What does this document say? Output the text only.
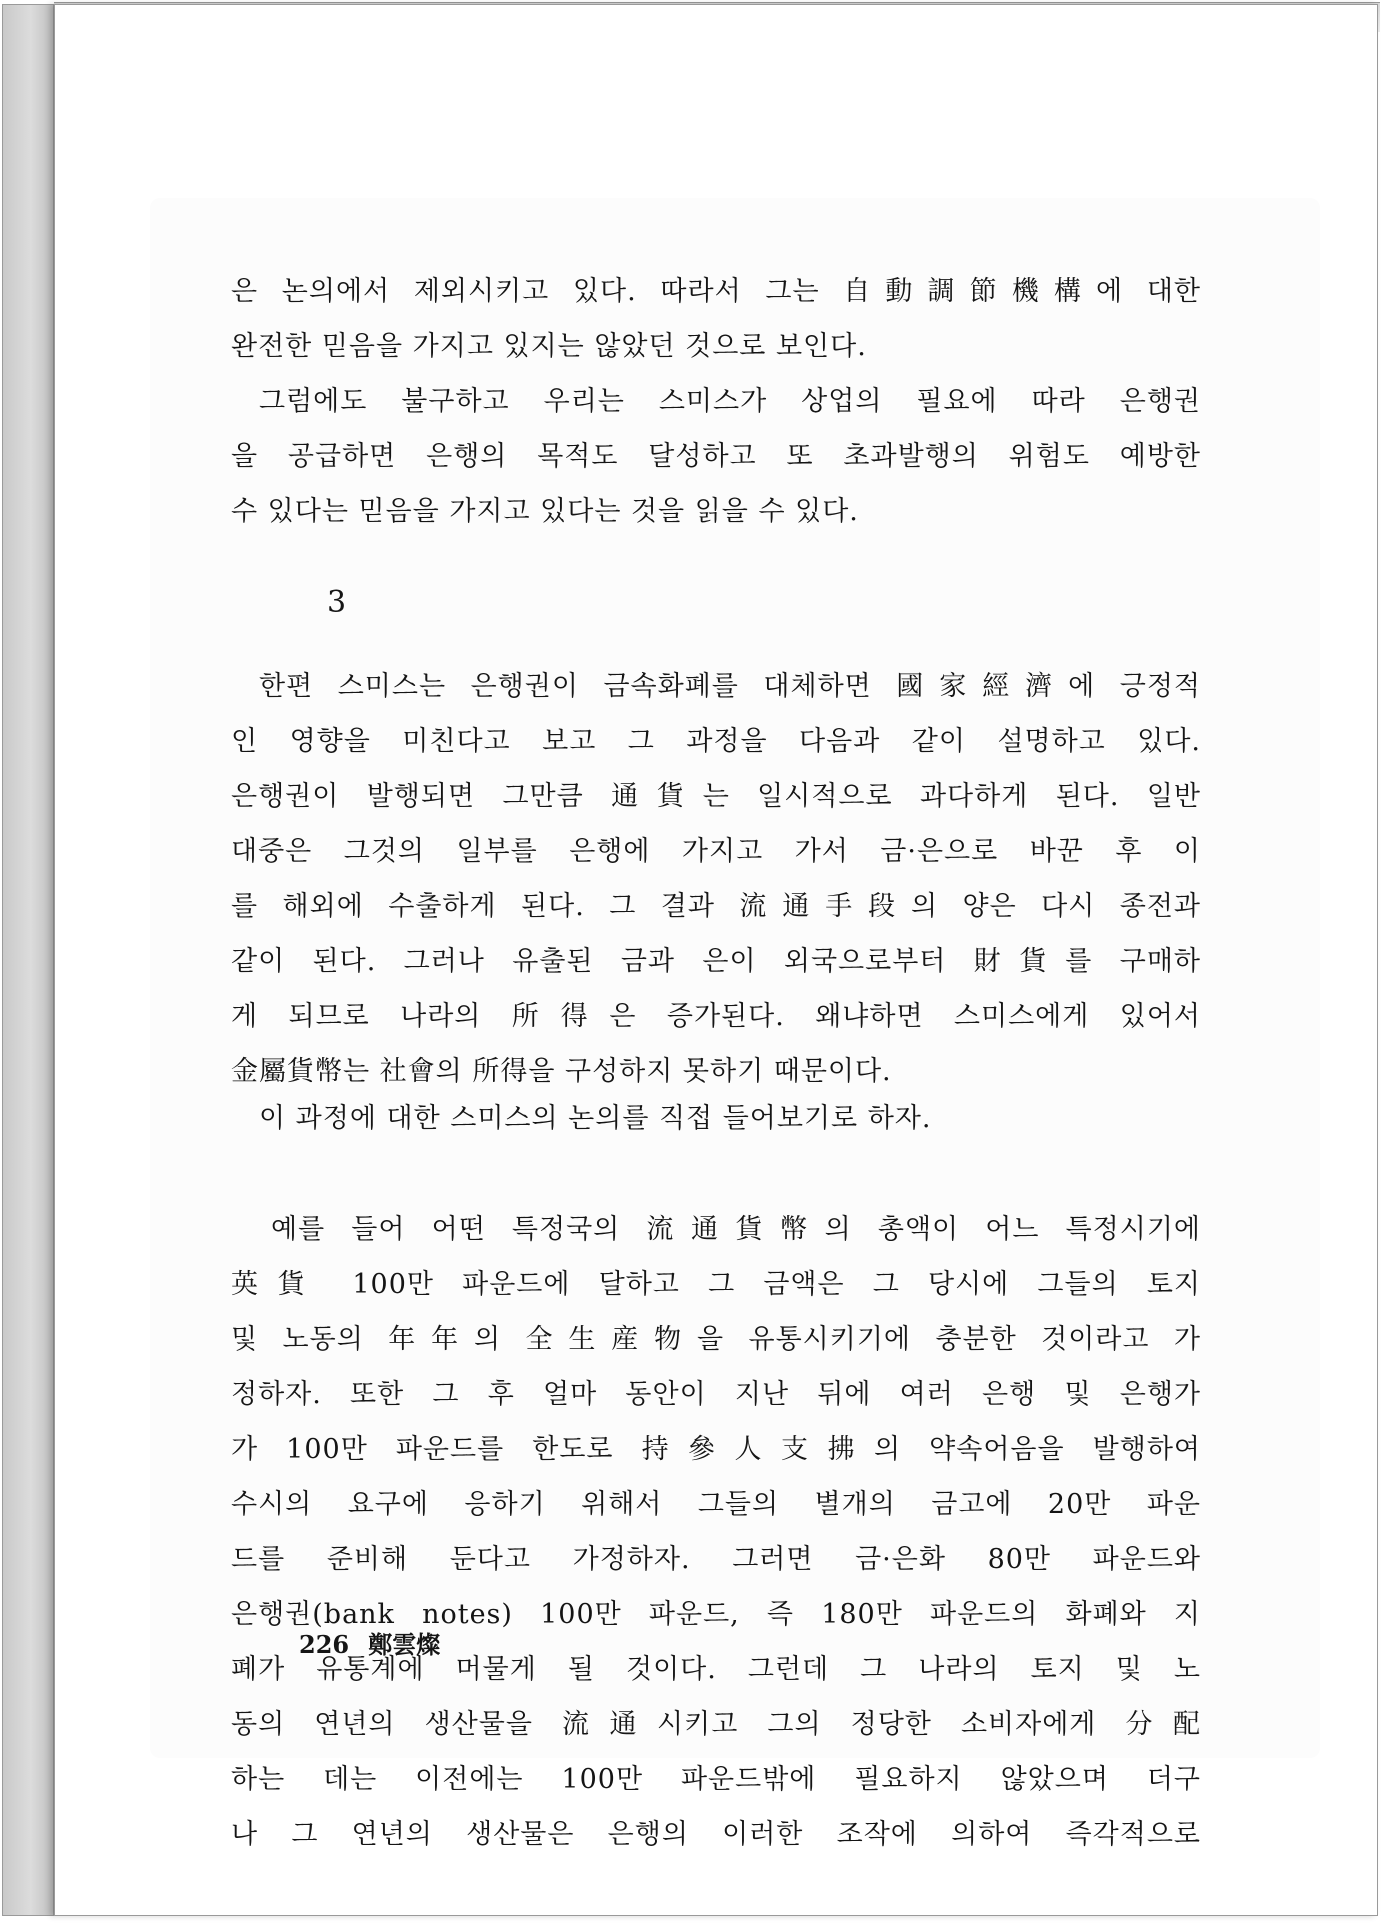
은 논의에서 제외시키고 있다. 따라서 그는 自動調節機構에 대한
완전한 믿음을 가지고 있지는 않았던 것으로 보인다.
그럼에도 불구하고 우리는 스미스가 상업의 필요에 따라 은행권
을 공급하면 은행의 목적도 달성하고 또 초과발행의 위험도 예방한
수 있다는 믿음을 가지고 있다는 것을 읽을 수 있다.
한편 스미스는 은행권이 금속화폐를 대체하면 國家經濟에 긍정적
인 영향을 미친다고 보고 그 과정을 다음과 같이 설명하고 있다.
은행권이 발행되면 그만큼 通貨는 일시적으로 과다하게 된다. 일반
대중은 그것의 일부를 은행에 가지고 가서 금·은으로 바꾼 후 이
를 해외에 수출하게 된다. 그 결과 流通手段의 양은 다시 종전과
같이 된다. 그러나 유출된 금과 은이 외국으로부터 財貨를 구매하
게 되므로 나라의 所得은 증가된다. 왜냐하면 스미스에게 있어서
金屬貨幣는 社會의 所得을 구성하지 못하기 때문이다.
이 과정에 대한 스미스의 논의를 직접 들어보기로 하자.
예를 들어 어떤 특정국의 流通貨幣의 총액이 어느 특정시기에
英貨 100만 파운드에 달하고 그 금액은 그 당시에 그들의 토지
및 노동의 年年의 全生産物을 유통시키기에 충분한 것이라고 가
정하자. 또한 그 후 얼마 동안이 지난 뒤에 여러 은행 및 은행가
가 100만 파운드를 한도로 持參人支拂의 약속어음을 발행하여
수시의 요구에 응하기 위해서 그들의 별개의 금고에 20만 파운
드를 준비해 둔다고 가정하자. 그러면 금·은화 80만 파운드와
은행권(bank notes) 100만 파운드, 즉 180만 파운드의 화폐와 지
폐가 유통계에 머물게 될 것이다. 그런데 그 나라의 토지 및 노
동의 연년의 생산물을 流通시키고 그의 정당한 소비자에게 分配
하는 데는 이전에는 100만 파운드밖에 필요하지 않았으며 더구
나 그 연년의 생산물은 은행의 이러한 조작에 의하여 즉각적으로
3
226 鄭雲燦
